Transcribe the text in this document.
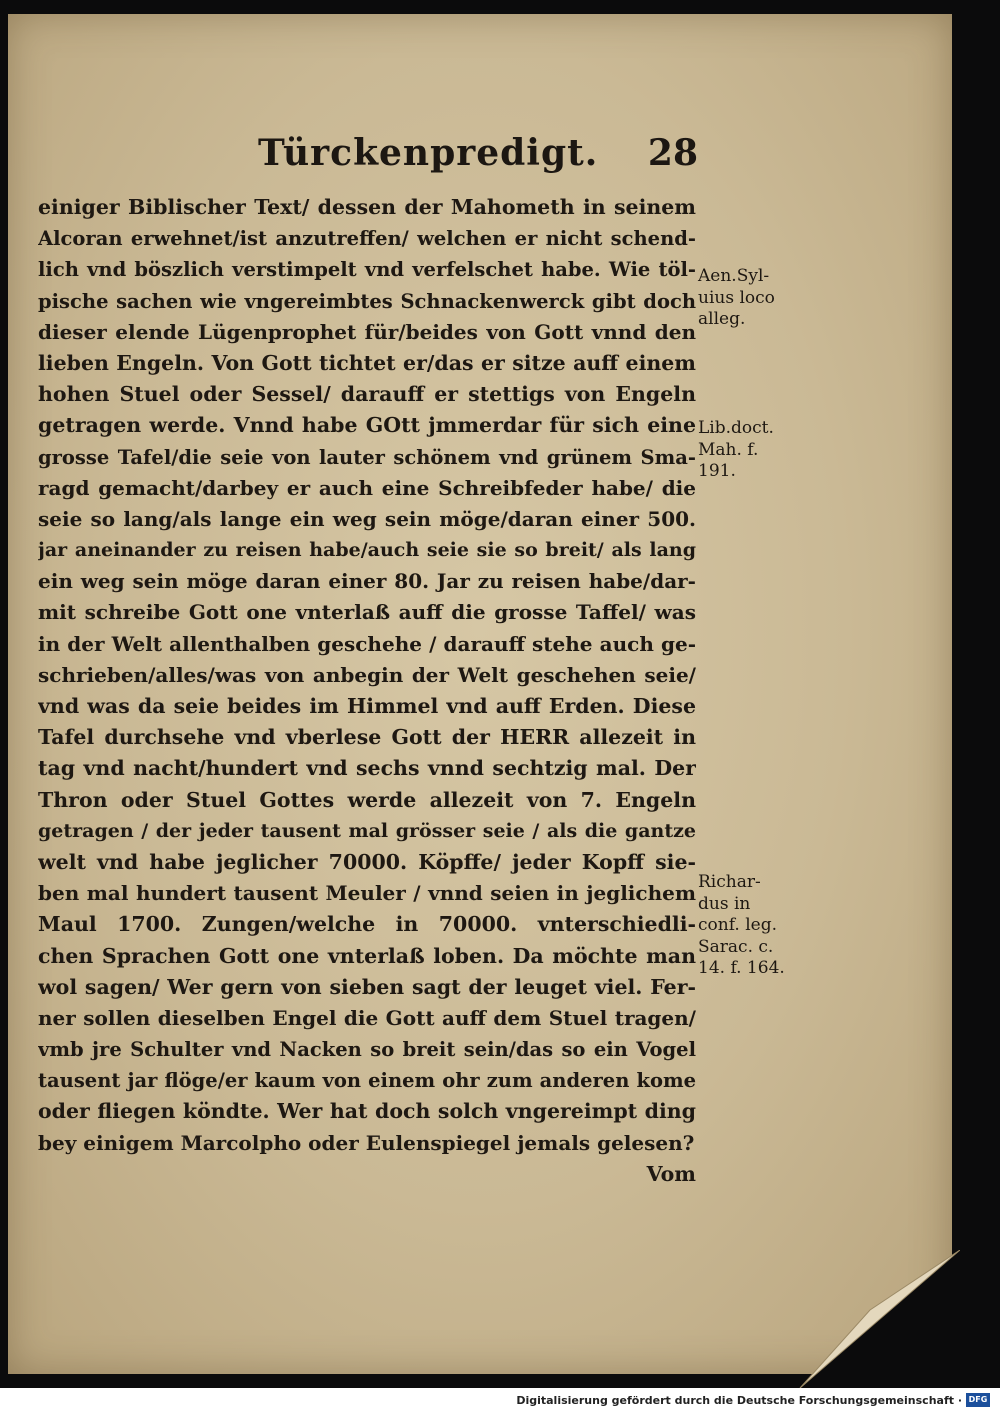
Türckenpredigt. 28
einiger Biblischer Text/ dessen der Mahometh in seinem
Alcoran erwehnet/ist anzutreffen/ welchen er nicht schend-
lich vnd böszlich verstimpelt vnd verfelschet habe. Wie töl-
pische sachen wie vngereimbtes Schnackenwerck gibt doch
dieser elende Lügenprophet für/beides von Gott vnnd den
lieben Engeln. Von Gott tichtet er/das er sitze auff einem
hohen Stuel oder Sessel/ darauff er stettigs von Engeln
getragen werde. Vnnd habe GOtt jmmerdar für sich eine
grosse Tafel/die seie von lauter schönem vnd grünem Sma-
ragd gemacht/darbey er auch eine Schreibfeder habe/ die
seie so lang/als lange ein weg sein möge/daran einer 500.
jar aneinander zu reisen habe/auch seie sie so breit/ als lang
ein weg sein möge daran einer 80. Jar zu reisen habe/dar-
mit schreibe Gott one vnterlaß auff die grosse Taffel/ was
in der Welt allenthalben geschehe / darauff stehe auch ge-
schrieben/alles/was von anbegin der Welt geschehen seie/
vnd was da seie beides im Himmel vnd auff Erden. Diese
Tafel durchsehe vnd vberlese Gott der HERR allezeit in
tag vnd nacht/hundert vnd sechs vnnd sechtzig mal. Der
Thron oder Stuel Gottes werde allezeit von 7. Engeln
getragen / der jeder tausent mal grösser seie / als die gantze
welt vnd habe jeglicher 70000. Köpffe/ jeder Kopff sie-
ben mal hundert tausent Meuler / vnnd seien in jeglichem
Maul 1700. Zungen/welche in 70000. vnterschiedli-
chen Sprachen Gott one vnterlaß loben. Da möchte man
wol sagen/ Wer gern von sieben sagt der leuget viel. Fer-
ner sollen dieselben Engel die Gott auff dem Stuel tragen/
vmb jre Schulter vnd Nacken so breit sein/das so ein Vogel
tausent jar flöge/er kaum von einem ohr zum anderen kome
oder fliegen köndte. Wer hat doch solch vngereimpt ding
bey einigem Marcolpho oder Eulenspiegel jemals gelesen?
Vom
Aen.Syl-
uius loco
alleg.
Lib.doct.
Mah. f.
191.
Richar-
dus in
conf. leg.
Sarac. c.
14. f. 164.
Digitalisierung gefördert durch die Deutsche Forschungsgemeinschaft · DFG
